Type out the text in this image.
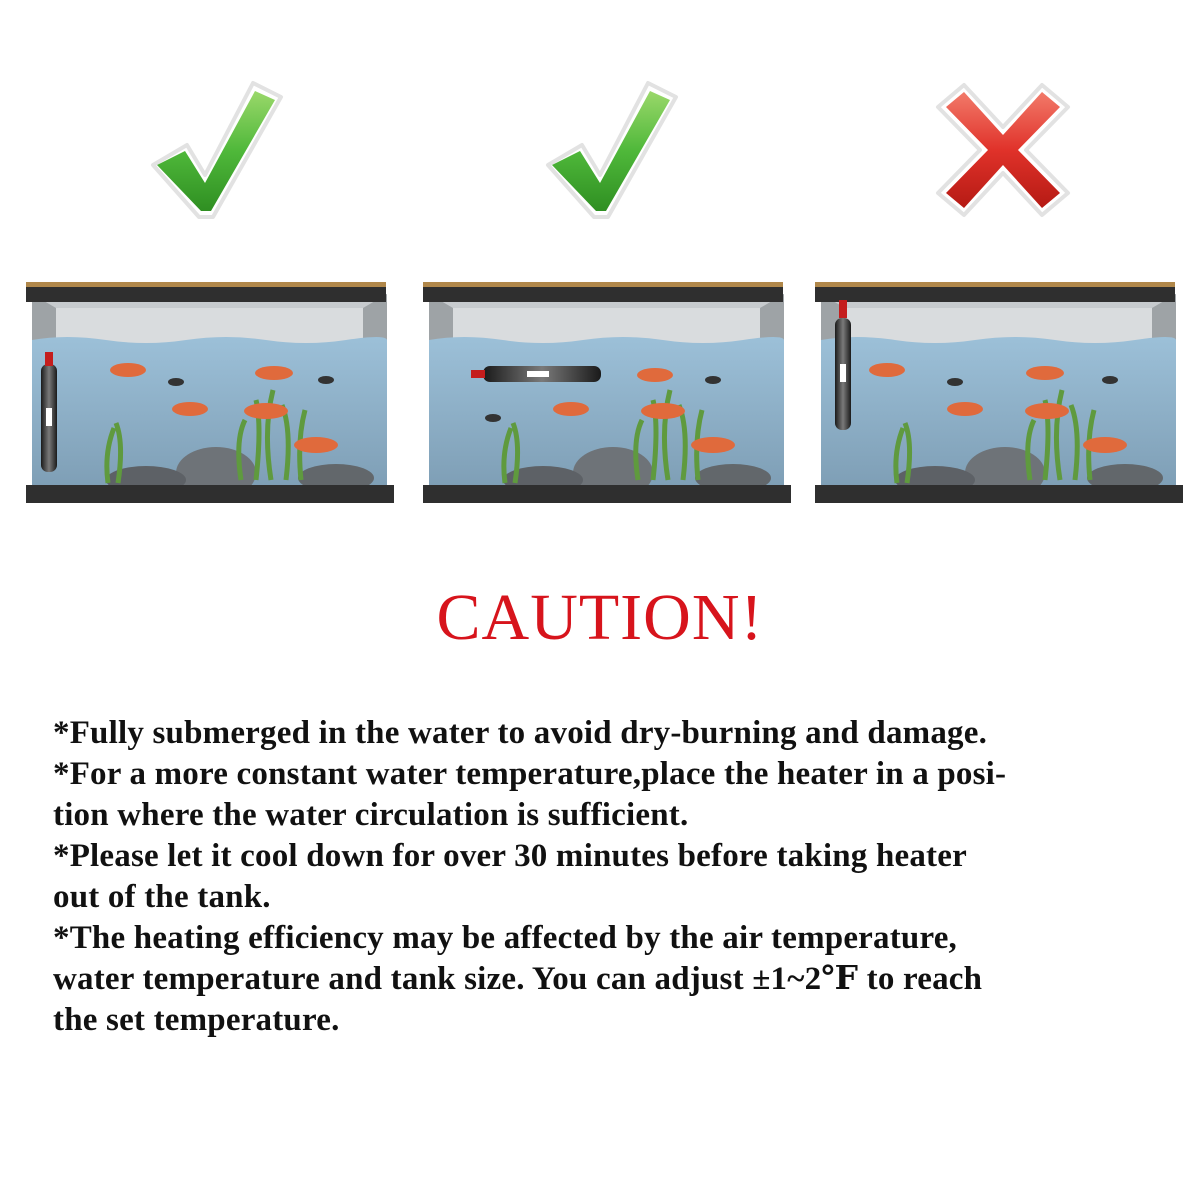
CAUTION!

*Fully submerged in the water to avoid dry-burning and damage.

*For a more constant water temperature,place the heater in a posi-

tion where the water circulation is sufficient.

*Please let it cool down for over 30 minutes before taking heater

out of the tank.

*The heating efficiency may be affected by the air temperature,

water temperature and tank size. You can adjust ±1~2℉ to reach

the set temperature.
